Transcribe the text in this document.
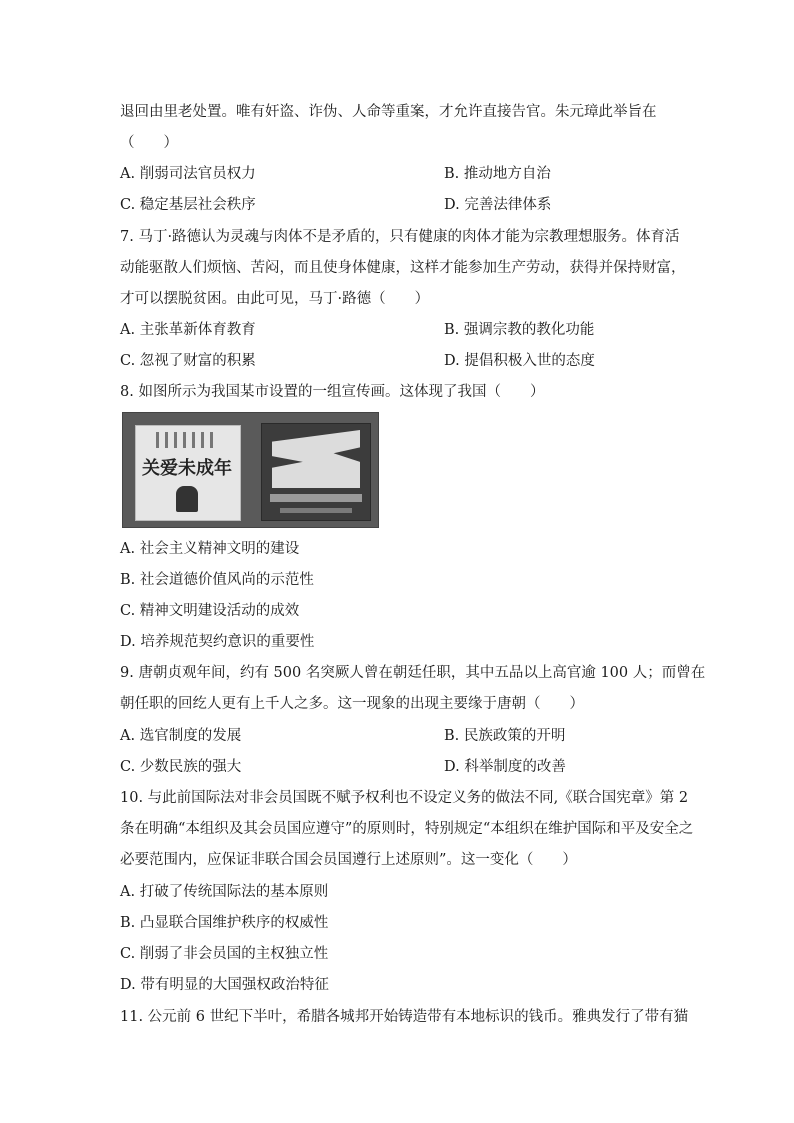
退回由里老处置。唯有奸盗、诈伪、人命等重案，才允许直接告官。朱元璋此举旨在
（　　）
A. 削弱司法官员权力	B. 推动地方自治
C. 稳定基层社会秩序	D. 完善法律体系
7. 马丁·路德认为灵魂与肉体不是矛盾的，只有健康的肉体才能为宗教理想服务。体育活
动能驱散人们烦恼、苦闷，而且使身体健康，这样才能参加生产劳动，获得并保持财富，
才可以摆脱贫困。由此可见，马丁·路德（　　）
A. 主张革新体育教育	B. 强调宗教的教化功能
C. 忽视了财富的积累	D. 提倡积极入世的态度
8. 如图所示为我国某市设置的一组宣传画。这体现了我国（　　）
关爱未成年
A. 社会主义精神文明的建设
B. 社会道德价值风尚的示范性
C. 精神文明建设活动的成效
D. 培养规范契约意识的重要性
9. 唐朝贞观年间，约有 500 名突厥人曾在朝廷任职，其中五品以上高官逾 100 人；而曾在
朝任职的回纥人更有上千人之多。这一现象的出现主要缘于唐朝（　　）
A. 选官制度的发展	B. 民族政策的开明
C. 少数民族的强大	D. 科举制度的改善
10. 与此前国际法对非会员国既不赋予权利也不设定义务的做法不同,《联合国宪章》第 2
条在明确“本组织及其会员国应遵守”的原则时，特别规定“本组织在维护国际和平及安全之
必要范围内，应保证非联合国会员国遵行上述原则”。这一变化（　　）
A. 打破了传统国际法的基本原则
B. 凸显联合国维护秩序的权威性
C. 削弱了非会员国的主权独立性
D. 带有明显的大国强权政治特征
11. 公元前 6 世纪下半叶，希腊各城邦开始铸造带有本地标识的钱币。雅典发行了带有猫
